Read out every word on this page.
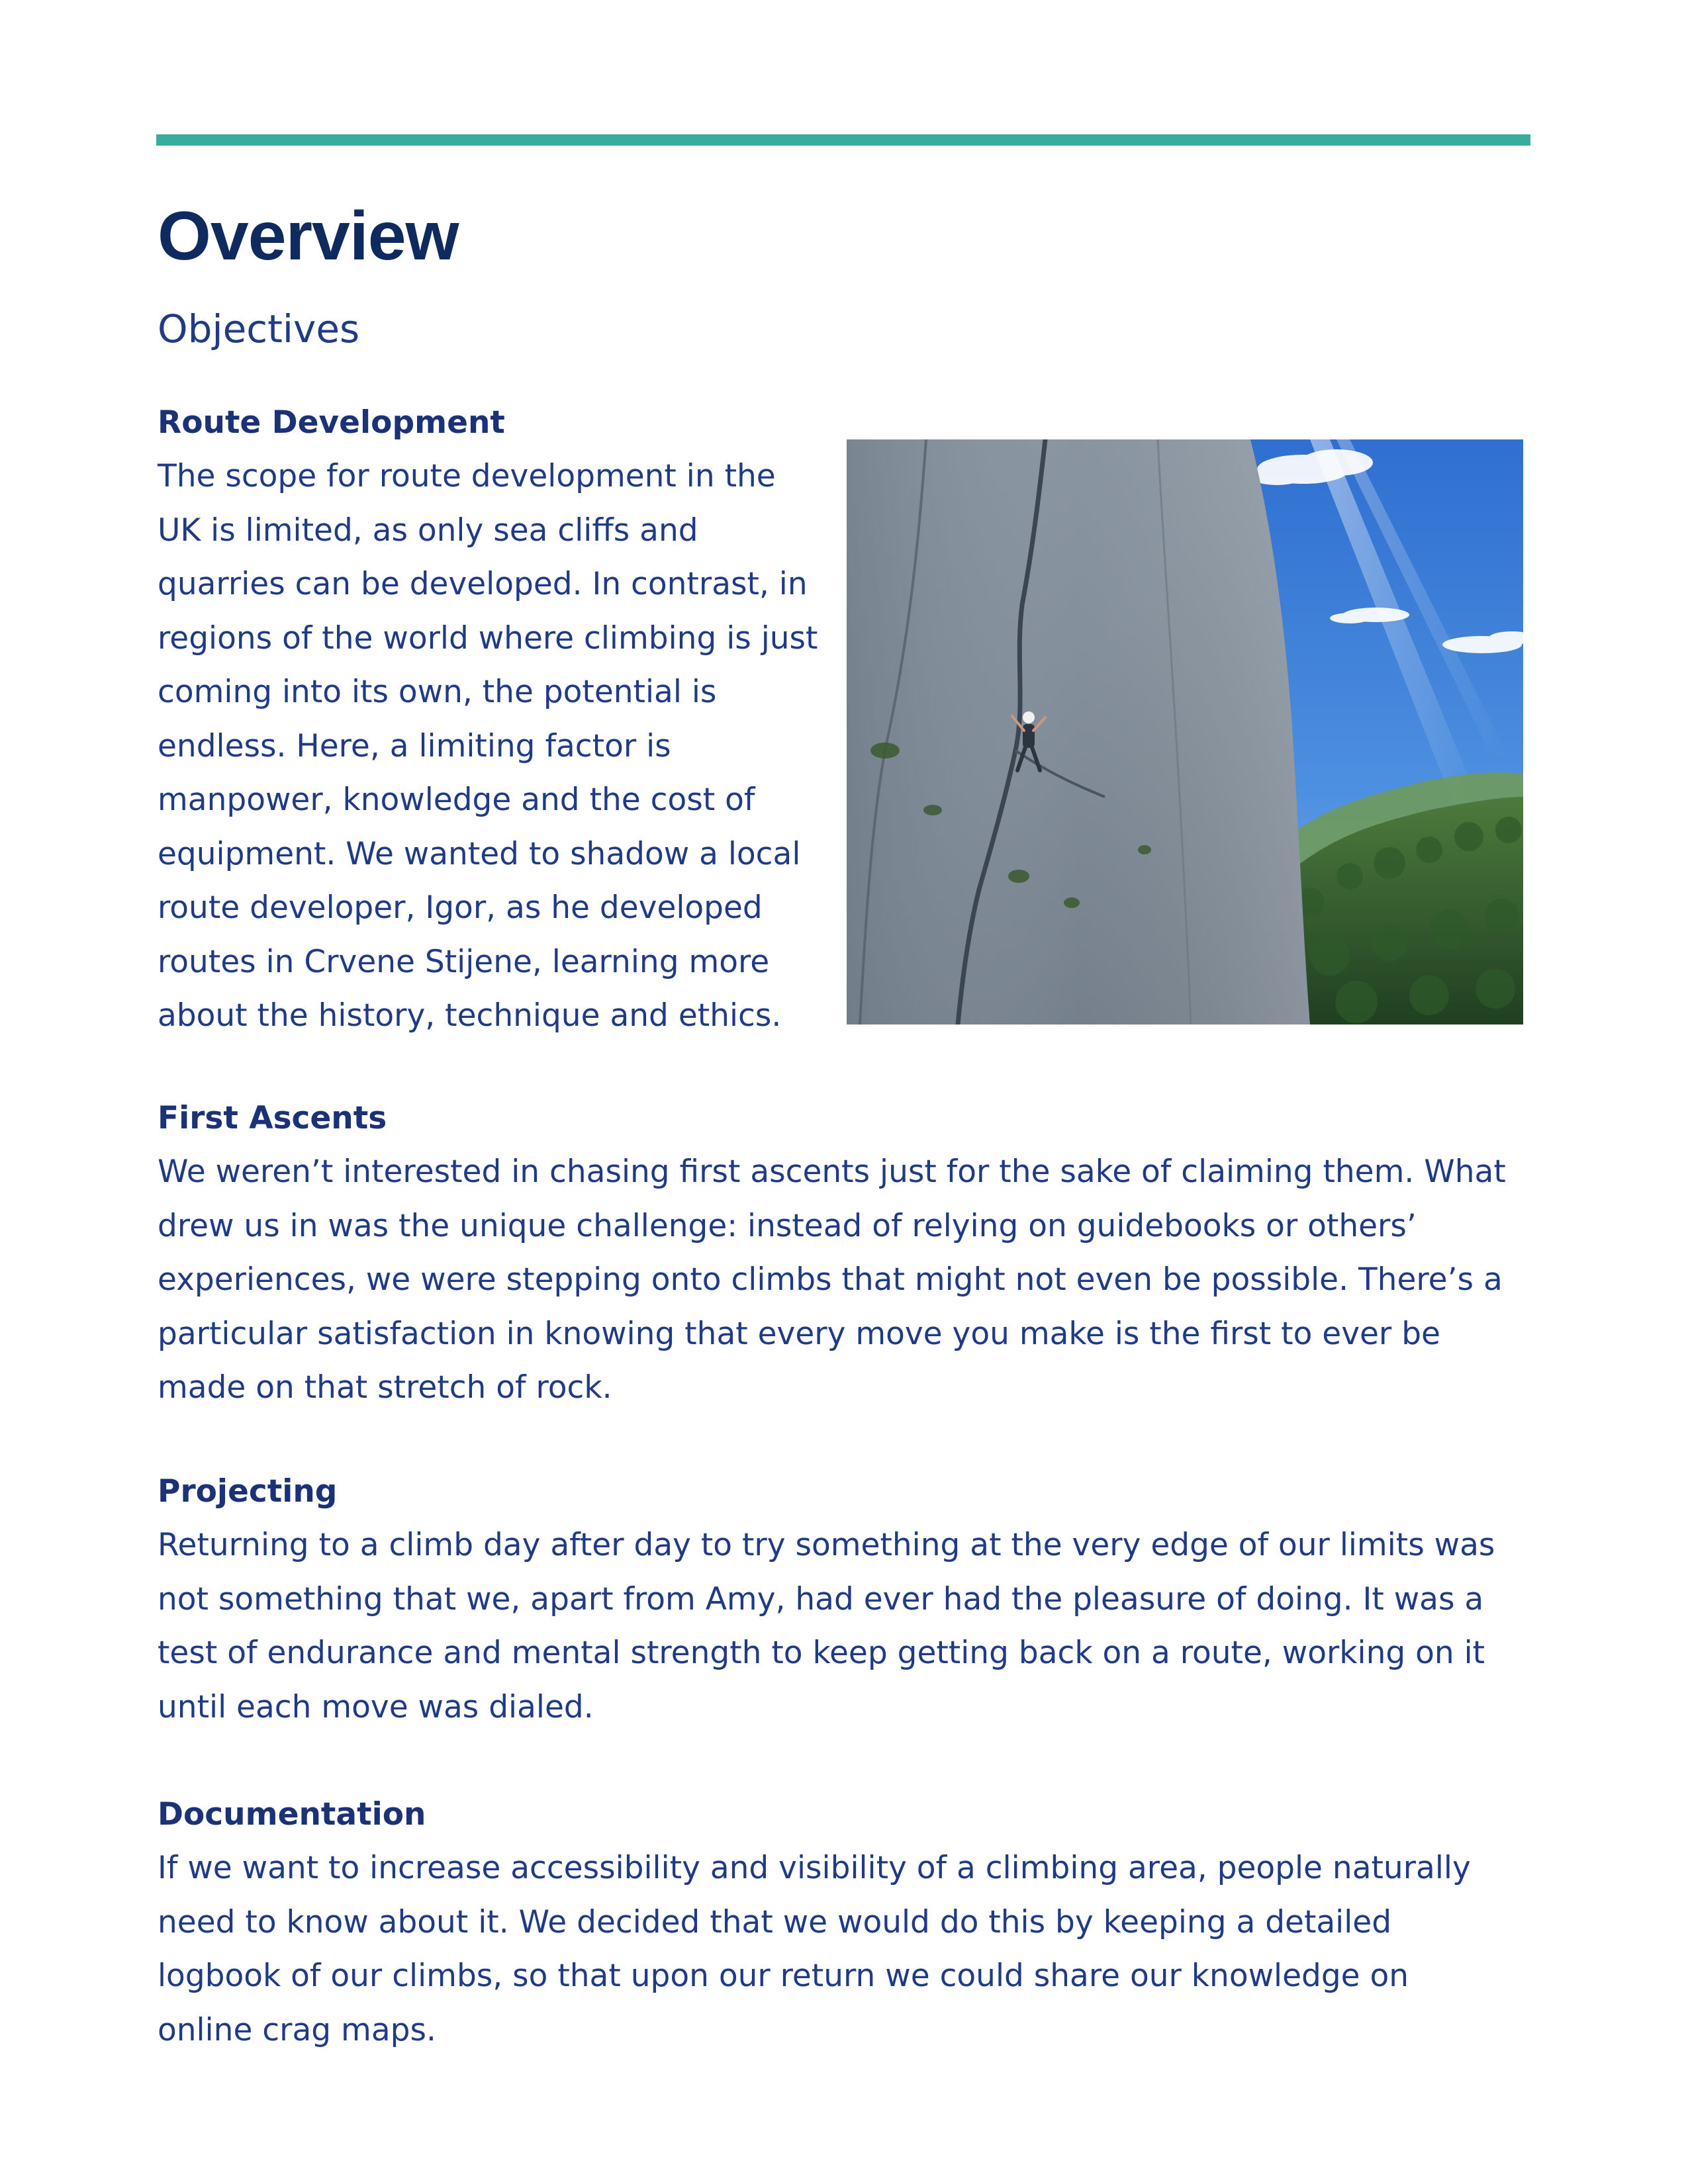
Overview
Objectives
Route Development
The scope for route development in the
UK is limited, as only sea cliffs and
quarries can be developed. In contrast, in
regions of the world where climbing is just
coming into its own, the potential is
endless. Here, a limiting factor is
manpower, knowledge and the cost of
equipment. We wanted to shadow a local
route developer, Igor, as he developed
routes in Crvene Stijene, learning more
about the history, technique and ethics.
First Ascents
We weren’t interested in chasing first ascents just for the sake of claiming them. What
drew us in was the unique challenge: instead of relying on guidebooks or others’
experiences, we were stepping onto climbs that might not even be possible. There’s a
particular satisfaction in knowing that every move you make is the first to ever be
made on that stretch of rock.
Projecting
Returning to a climb day after day to try something at the very edge of our limits was
not something that we, apart from Amy, had ever had the pleasure of doing. It was a
test of endurance and mental strength to keep getting back on a route, working on it
until each move was dialed.
Documentation
If we want to increase accessibility and visibility of a climbing area, people naturally
need to know about it. We decided that we would do this by keeping a detailed
logbook of our climbs, so that upon our return we could share our knowledge on
online crag maps.
